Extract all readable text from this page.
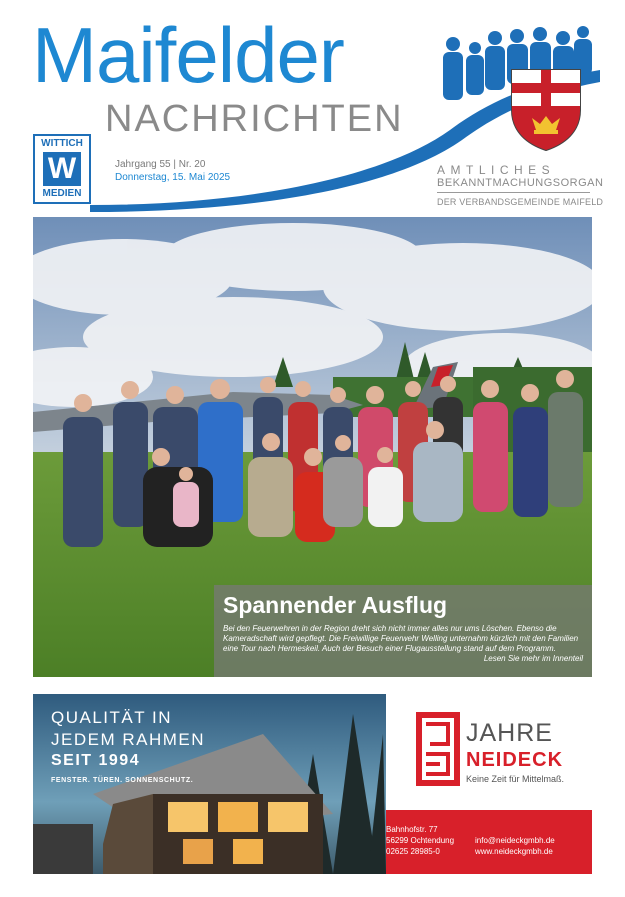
Maifelder
NACHRICHTEN
WITTICH
W
MEDIEN
Jahrgang 55 | Nr. 20
Donnerstag, 15. Mai 2025
AMTLICHES
BEKANNTMACHUNGSORGAN
DER VERBANDSGEMEINDE MAIFELD
Spannender Ausflug
Bei den Feuerwehren in der Region dreht sich nicht immer alles nur ums Löschen. Ebenso die Kameradschaft wird gepflegt. Die Freiwillige Feuerwehr Welling unternahm kürzlich mit den Familien eine Tour nach Hermeskeil. Auch der Besuch einer Flugausstellung stand auf dem Programm.
Lesen Sie mehr im Innenteil
QUALITÄT IN
JEDEM RAHMEN
SEIT 1994
FENSTER. TÜREN. SONNENSCHUTZ.
JAHRE
NEIDECK
Keine Zeit für Mittelmaß.
Bahnhofstr. 77
56299 Ochtendung
02625 28985-0
info@neideckgmbh.de
www.neideckgmbh.de
